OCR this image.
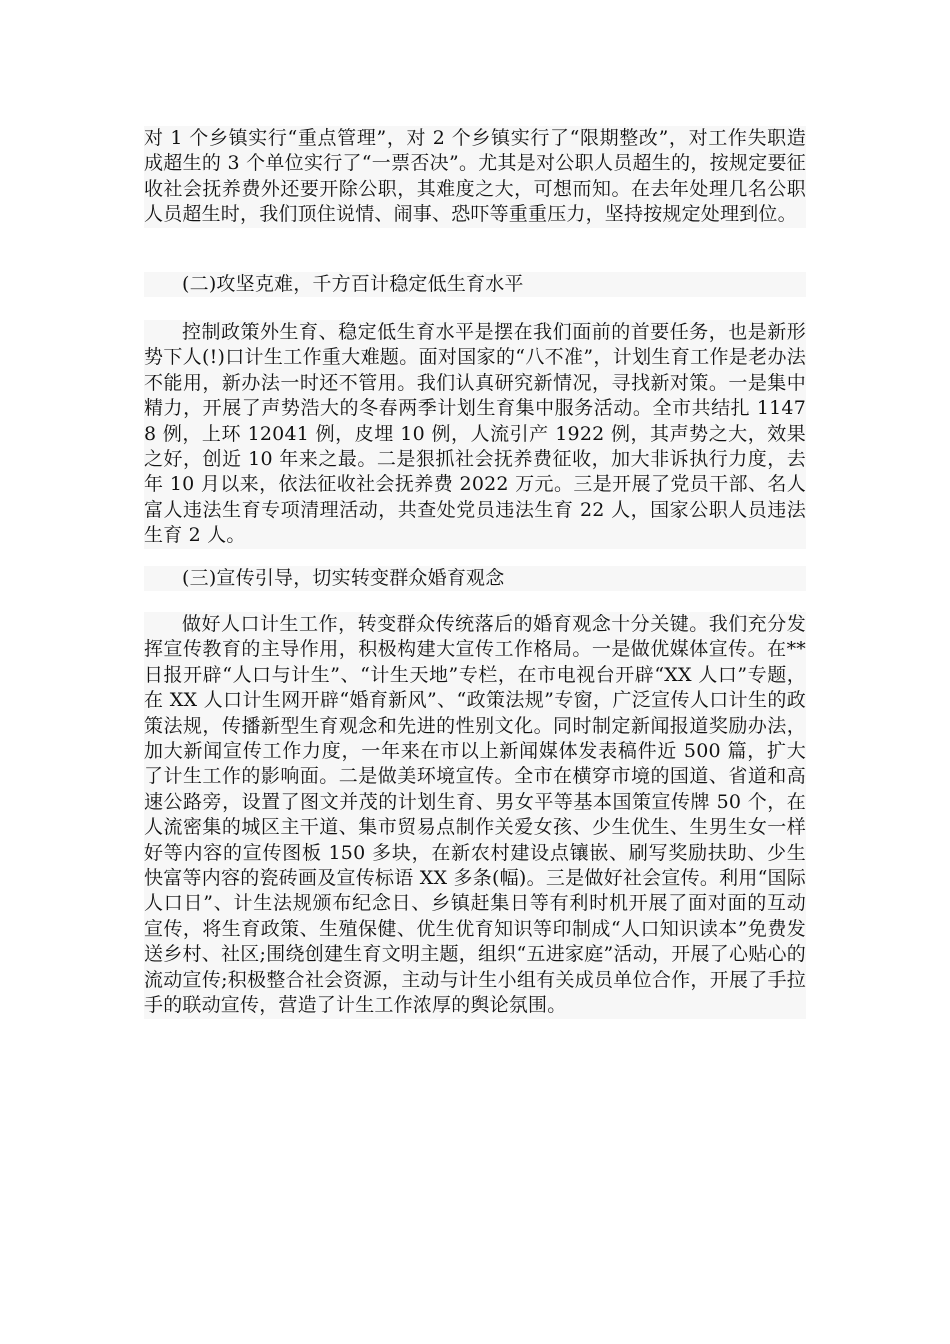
对 1 个乡镇实行“重点管理”，对 2 个乡镇实行了“限期整改”，对工作失职造成超生的 3 个单位实行了“一票否决”。尤其是对公职人员超生的，按规定要征收社会抚养费外还要开除公职，其难度之大，可想而知。在去年处理几名公职人员超生时，我们顶住说情、闹事、恐吓等重重压力，坚持按规定处理到位。

(二)攻坚克难，千方百计稳定低生育水平

控制政策外生育、稳定低生育水平是摆在我们面前的首要任务，也是新形势下人(!)口计生工作重大难题。面对国家的“八不准”，计划生育工作是老办法不能用，新办法一时还不管用。我们认真研究新情况，寻找新对策。一是集中精力，开展了声势浩大的冬春两季计划生育集中服务活动。全市共结扎 11478 例，上环 12041 例，皮埋 10 例，人流引产 1922 例，其声势之大，效果之好，创近 10 年来之最。二是狠抓社会抚养费征收，加大非诉执行力度，去年 10 月以来，依法征收社会抚养费 2022 万元。三是开展了党员干部、名人富人违法生育专项清理活动，共查处党员违法生育 22 人，国家公职人员违法生育 2 人。

(三)宣传引导，切实转变群众婚育观念

做好人口计生工作，转变群众传统落后的婚育观念十分关键。我们充分发挥宣传教育的主导作用，积极构建大宣传工作格局。一是做优媒体宣传。在**日报开辟“人口与计生”、“计生天地”专栏，在市电视台开辟“XX 人口”专题，在 XX 人口计生网开辟“婚育新风”、“政策法规”专窗，广泛宣传人口计生的政策法规，传播新型生育观念和先进的性别文化。同时制定新闻报道奖励办法，加大新闻宣传工作力度，一年来在市以上新闻媒体发表稿件近 500 篇，扩大了计生工作的影响面。二是做美环境宣传。全市在横穿市境的国道、省道和高速公路旁，设置了图文并茂的计划生育、男女平等基本国策宣传牌 50 个，在人流密集的城区主干道、集市贸易点制作关爱女孩、少生优生、生男生女一样好等内容的宣传图板 150 多块，在新农村建设点镶嵌、刷写奖励扶助、少生快富等内容的瓷砖画及宣传标语 XX 多条(幅)。三是做好社会宣传。利用“国际人口日”、计生法规颁布纪念日、乡镇赶集日等有利时机开展了面对面的互动宣传，将生育政策、生殖保健、优生优育知识等印制成“人口知识读本”免费发送乡村、社区;围绕创建生育文明主题，组织“五进家庭”活动，开展了心贴心的流动宣传;积极整合社会资源，主动与计生小组有关成员单位合作，开展了手拉手的联动宣传，营造了计生工作浓厚的舆论氛围。
